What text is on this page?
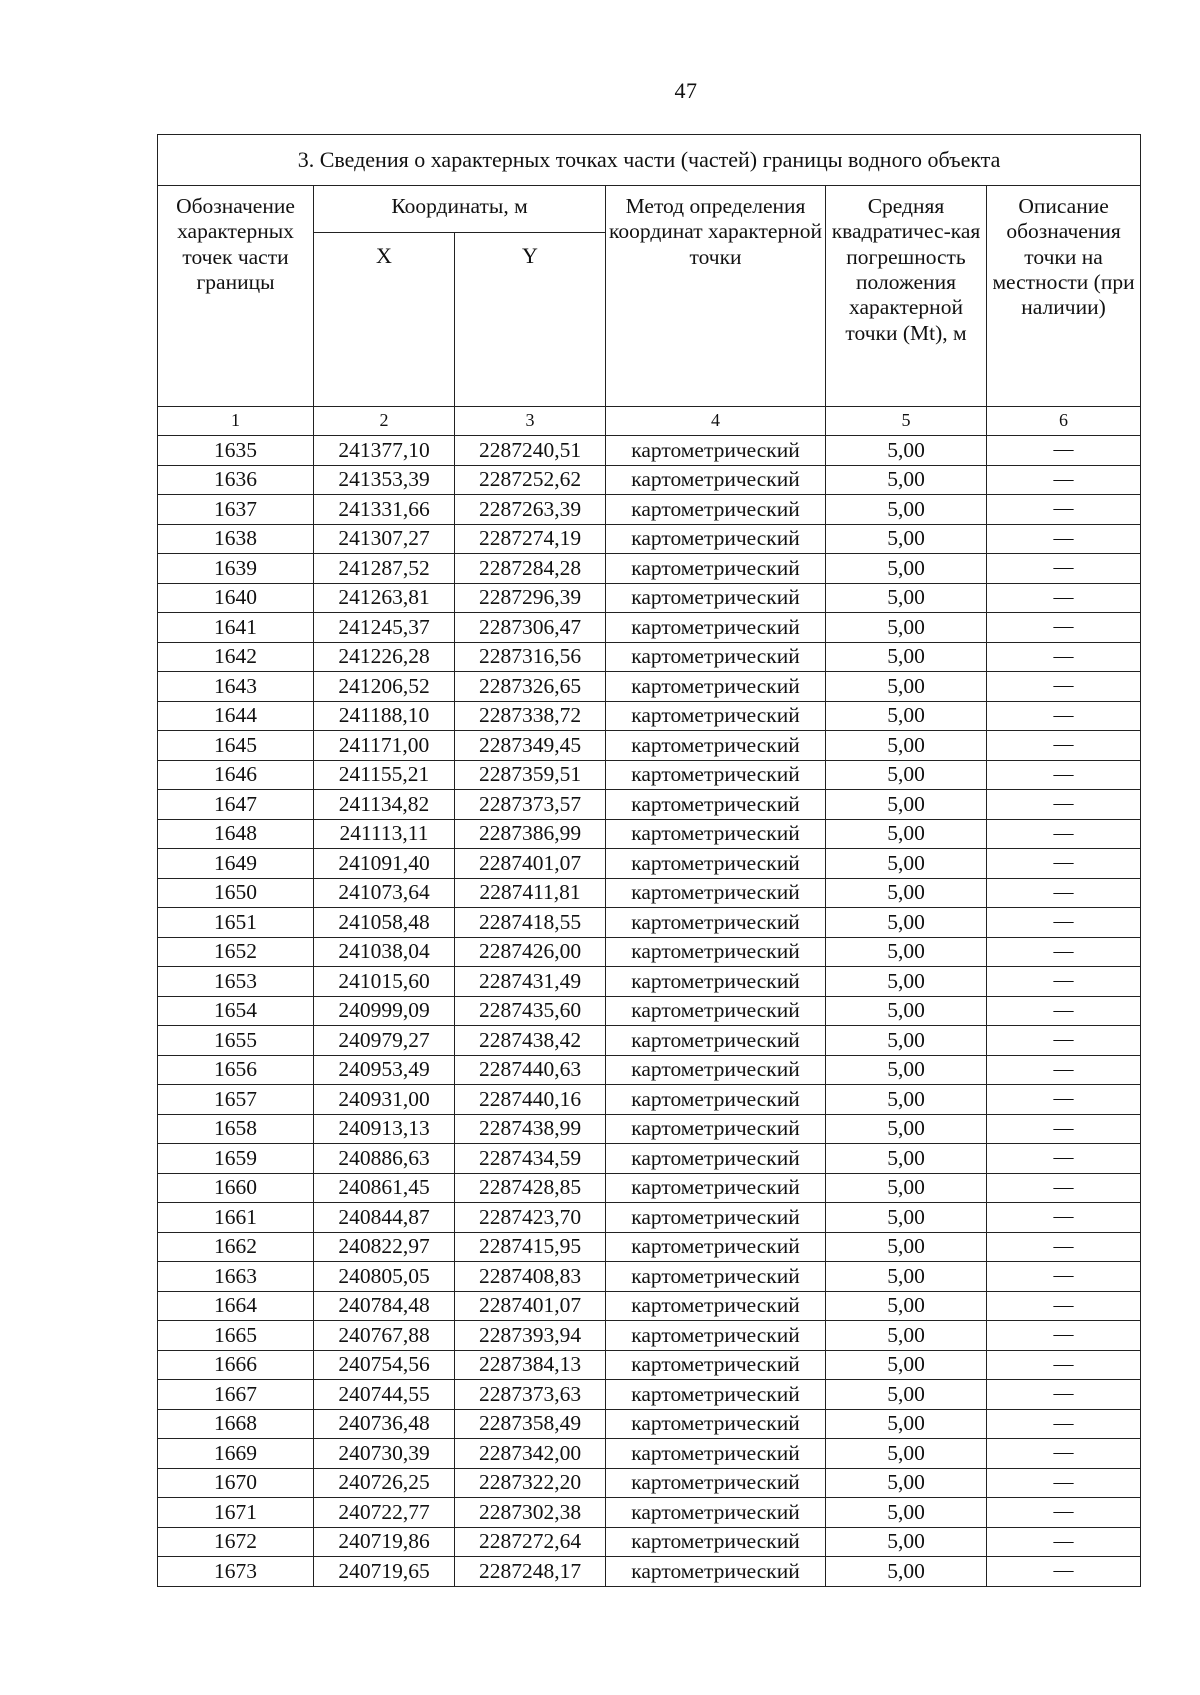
47
3. Сведения о характерных точках части (частей) границы водного объекта					
Обозначение характерных точек части границы	Координаты, м		Метод определения координат характерной точки	Средняя квадратичес-кая погрешность положения характерной точки (Mt), м	Описание обозначения точки на местности (при наличии)
	X	Y			
1	2	3	4	5	6
1635	241377,10	2287240,51	картометрический	5,00	—
1636	241353,39	2287252,62	картометрический	5,00	—
1637	241331,66	2287263,39	картометрический	5,00	—
1638	241307,27	2287274,19	картометрический	5,00	—
1639	241287,52	2287284,28	картометрический	5,00	—
1640	241263,81	2287296,39	картометрический	5,00	—
1641	241245,37	2287306,47	картометрический	5,00	—
1642	241226,28	2287316,56	картометрический	5,00	—
1643	241206,52	2287326,65	картометрический	5,00	—
1644	241188,10	2287338,72	картометрический	5,00	—
1645	241171,00	2287349,45	картометрический	5,00	—
1646	241155,21	2287359,51	картометрический	5,00	—
1647	241134,82	2287373,57	картометрический	5,00	—
1648	241113,11	2287386,99	картометрический	5,00	—
1649	241091,40	2287401,07	картометрический	5,00	—
1650	241073,64	2287411,81	картометрический	5,00	—
1651	241058,48	2287418,55	картометрический	5,00	—
1652	241038,04	2287426,00	картометрический	5,00	—
1653	241015,60	2287431,49	картометрический	5,00	—
1654	240999,09	2287435,60	картометрический	5,00	—
1655	240979,27	2287438,42	картометрический	5,00	—
1656	240953,49	2287440,63	картометрический	5,00	—
1657	240931,00	2287440,16	картометрический	5,00	—
1658	240913,13	2287438,99	картометрический	5,00	—
1659	240886,63	2287434,59	картометрический	5,00	—
1660	240861,45	2287428,85	картометрический	5,00	—
1661	240844,87	2287423,70	картометрический	5,00	—
1662	240822,97	2287415,95	картометрический	5,00	—
1663	240805,05	2287408,83	картометрический	5,00	—
1664	240784,48	2287401,07	картометрический	5,00	—
1665	240767,88	2287393,94	картометрический	5,00	—
1666	240754,56	2287384,13	картометрический	5,00	—
1667	240744,55	2287373,63	картометрический	5,00	—
1668	240736,48	2287358,49	картометрический	5,00	—
1669	240730,39	2287342,00	картометрический	5,00	—
1670	240726,25	2287322,20	картометрический	5,00	—
1671	240722,77	2287302,38	картометрический	5,00	—
1672	240719,86	2287272,64	картометрический	5,00	—
1673	240719,65	2287248,17	картометрический	5,00	—
